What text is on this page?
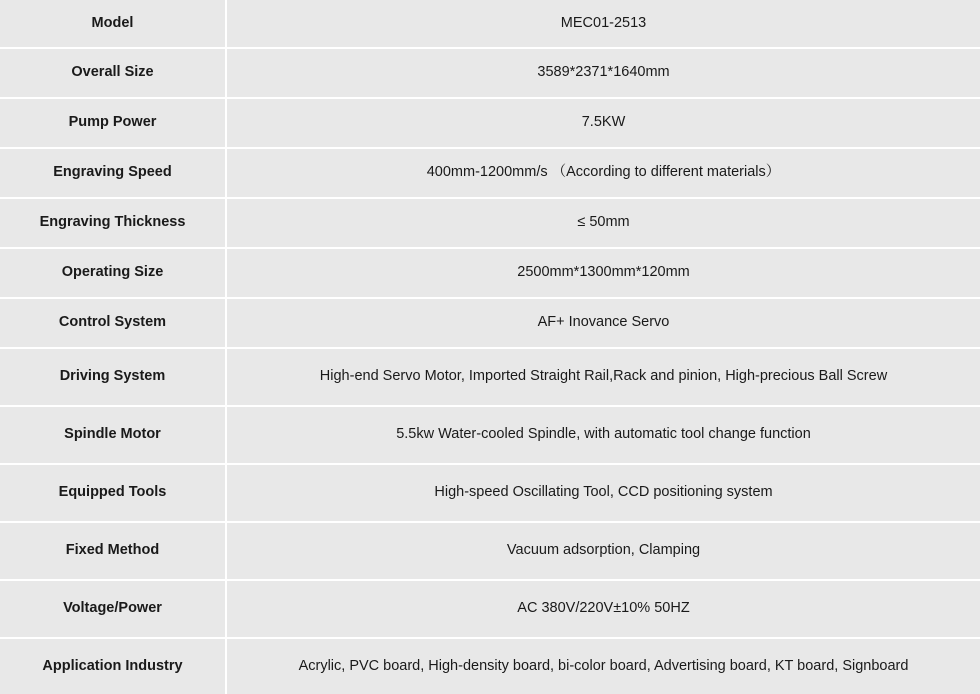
Model	MEC01-2513
Overall Size	3589*2371*1640mm
Pump Power	7.5KW
Engraving Speed	400mm-1200mm/s （According to different materials）
Engraving Thickness	≤ 50mm
Operating Size	2500mm*1300mm*120mm
Control System	AF+ Inovance Servo
Driving System	High-end Servo Motor, Imported Straight Rail,Rack and pinion, High-precious Ball Screw
Spindle Motor	5.5kw Water-cooled Spindle, with automatic tool change function
Equipped Tools	High-speed Oscillating Tool, CCD positioning system
Fixed Method	Vacuum adsorption, Clamping
Voltage/Power	AC 380V/220V±10% 50HZ
Application Industry	Acrylic, PVC board, High-density board, bi-color board, Advertising board, KT board, Signboard
